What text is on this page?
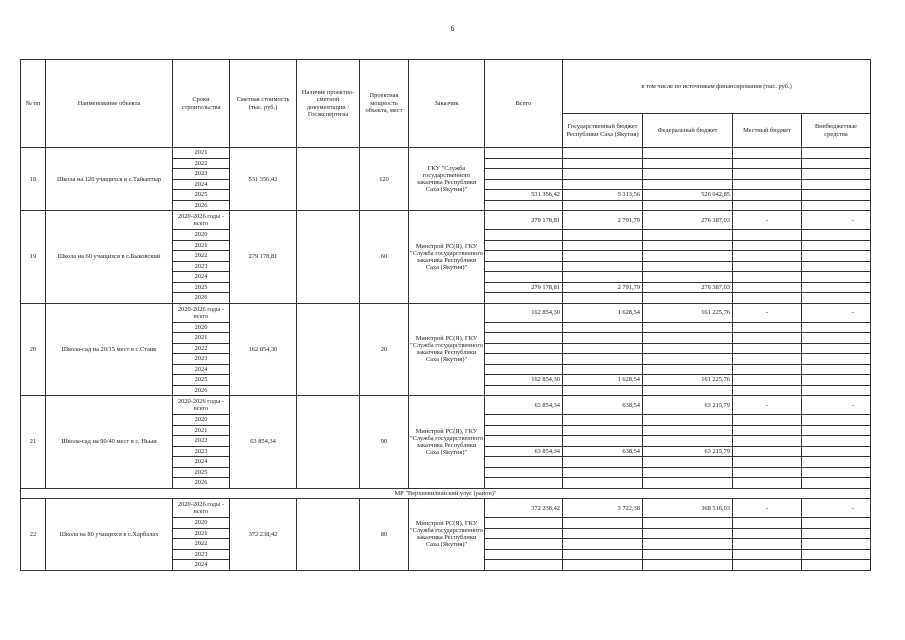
6
№ пп	Наименование объекта	Сроки строительства	Сметная стоимость (тыс. руб.)	Наличие проектно-сметной документации /Госэкспертизы	Проектная мощность объекта, мест	Заказчик	Всего	в том числе по источникам финансирования (тыс. руб.)			
								Государственный бюджет Республики Саха (Якутия)	Федеральный бюджет	Местный бюджет	Внебюджетные средства
18	Школа на 120 учащихся в с.Тайыптыр	2021	531 356,42		120	ГКУ "Служба государственного заказчика Республики Саха (Якутия)"					
		2022									
		2023									
		2024									
		2025					531 356,42	5 313,56	526 042,85		
		2026									
19	Школа на 60 учащихся в с.Быковский	2020-2026 годы - всего	279 178,81		60	Минстрой РС(Я), ГКУ "Служба государственного заказчика Республики Саха (Якутия)"	279 178,81	2 791,79	276 387,03	-	-
		2020									
		2021									
		2022									
		2023									
		2024									
		2025					279 178,81	2 791,79	276 387,03		
		2026									
20	Школа-сад на 20/15 мест в с.Стаик	2020-2026 годы - всего	162 854,30		20	Минстрой РС(Я), ГКУ "Служба государственного заказчика Республики Саха (Якутия)"	162 854,30	1 628,54	161 225,76	-	-
		2020									
		2021									
		2022									
		2023									
		2024									
		2025					162 854,30	1 628,54	161 225,76		
		2026									
21	Школа-сад на 90/40 мест в с. Ньыи	2020-2026 годы - всего	63 854,34		90	Минстрой РС(Я), ГКУ "Служба государственного заказчика Республики Саха (Якутия)"	63 854,34	638,54	63 215,79	-	-
		2020									
		2021									
		2022									
		2023					63 854,34	638,54	63 215,79		
		2024									
		2025									
		2026									
МР "Верхневилюйский улус (район)"											
22	Школа на 80 учащихся в с.Харбалах	2020-2026 годы - всего	372 238,42		80	Минстрой РС(Я), ГКУ "Служба государственного заказчика Республики Саха (Якутия)"	372 238,42	3 722,38	368 516,03	-	-
		2020									
		2021									
		2022									
		2023									
		2024									
